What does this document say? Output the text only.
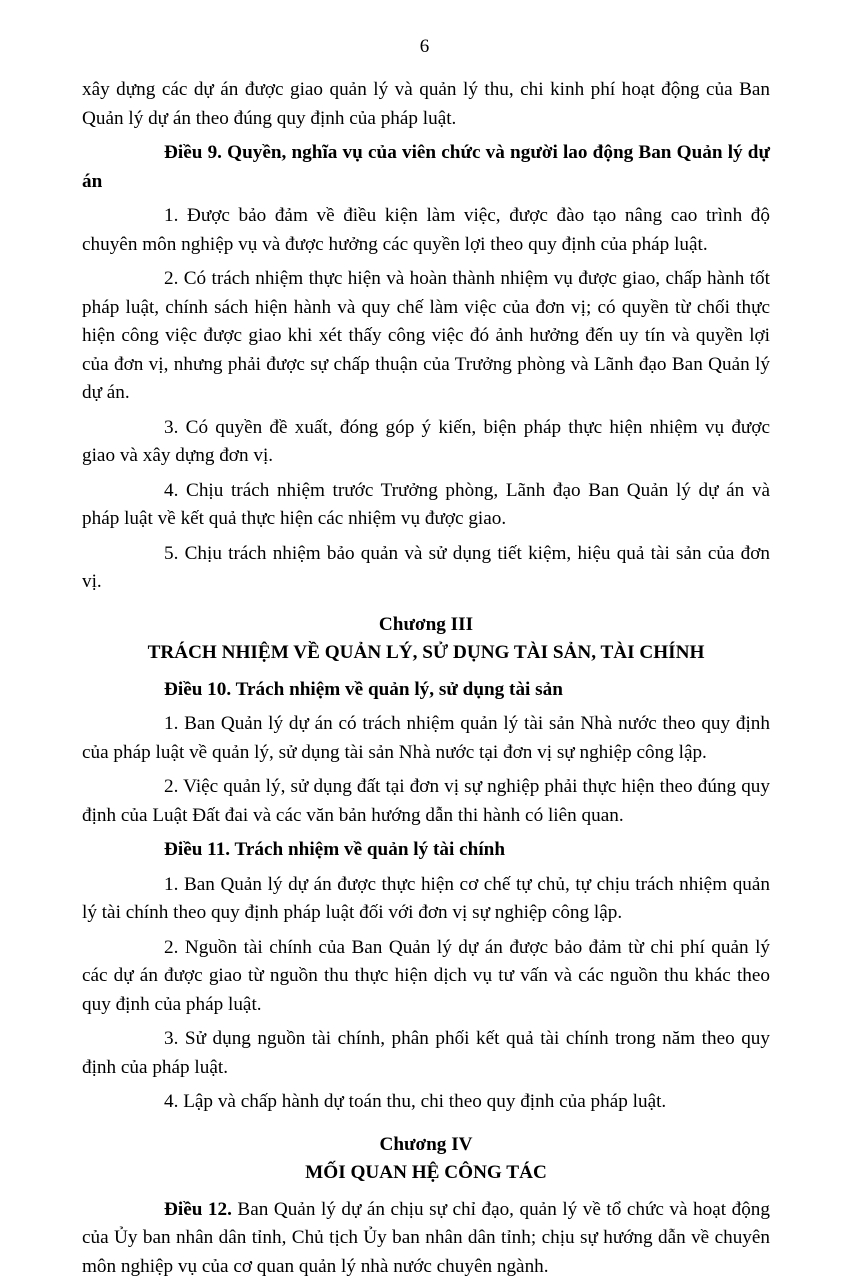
6

xây dựng các dự án được giao quản lý và quản lý thu, chi kinh phí hoạt động của Ban Quản lý dự án theo đúng quy định của pháp luật.

Điều 9. Quyền, nghĩa vụ của viên chức và người lao động Ban Quản lý dự án

1. Được bảo đảm về điều kiện làm việc, được đào tạo nâng cao trình độ chuyên môn nghiệp vụ và được hưởng các quyền lợi theo quy định của pháp luật.

2. Có trách nhiệm thực hiện và hoàn thành nhiệm vụ được giao, chấp hành tốt pháp luật, chính sách hiện hành và quy chế làm việc của đơn vị; có quyền từ chối thực hiện công việc được giao khi xét thấy công việc đó ảnh hưởng đến uy tín và quyền lợi của đơn vị, nhưng phải được sự chấp thuận của Trưởng phòng và Lãnh đạo Ban Quản lý dự án.

3. Có quyền đề xuất, đóng góp ý kiến, biện pháp thực hiện nhiệm vụ được giao và xây dựng đơn vị.

4. Chịu trách nhiệm trước Trưởng phòng, Lãnh đạo Ban Quản lý dự án và pháp luật về kết quả thực hiện các nhiệm vụ được giao.

5. Chịu trách nhiệm bảo quản và sử dụng tiết kiệm, hiệu quả tài sản của đơn vị.

Chương III

TRÁCH NHIỆM VỀ QUẢN LÝ, SỬ DỤNG TÀI SẢN, TÀI CHÍNH

Điều 10. Trách nhiệm về quản lý, sử dụng tài sản

1. Ban Quản lý dự án có trách nhiệm quản lý tài sản Nhà nước theo quy định của pháp luật về quản lý, sử dụng tài sản Nhà nước tại đơn vị sự nghiệp công lập.

2. Việc quản lý, sử dụng đất tại đơn vị sự nghiệp phải thực hiện theo đúng quy định của Luật Đất đai và các văn bản hướng dẫn thi hành có liên quan.

Điều 11. Trách nhiệm về quản lý tài chính

1. Ban Quản lý dự án được thực hiện cơ chế tự chủ, tự chịu trách nhiệm quản lý tài chính theo quy định pháp luật đối với đơn vị sự nghiệp công lập.

2. Nguồn tài chính của Ban Quản lý dự án được bảo đảm từ chi phí quản lý các dự án được giao từ nguồn thu thực hiện dịch vụ tư vấn và các nguồn thu khác theo quy định của pháp luật.

3. Sử dụng nguồn tài chính, phân phối kết quả tài chính trong năm theo quy định của pháp luật.

4. Lập và chấp hành dự toán thu, chi theo quy định của pháp luật.

Chương IV

MỐI QUAN HỆ CÔNG TÁC

Điều 12. Ban Quản lý dự án chịu sự chỉ đạo, quản lý về tổ chức và hoạt động của Ủy ban nhân dân tỉnh, Chủ tịch Ủy ban nhân dân tỉnh; chịu sự hướng dẫn về chuyên môn nghiệp vụ của cơ quan quản lý nhà nước chuyên ngành.
